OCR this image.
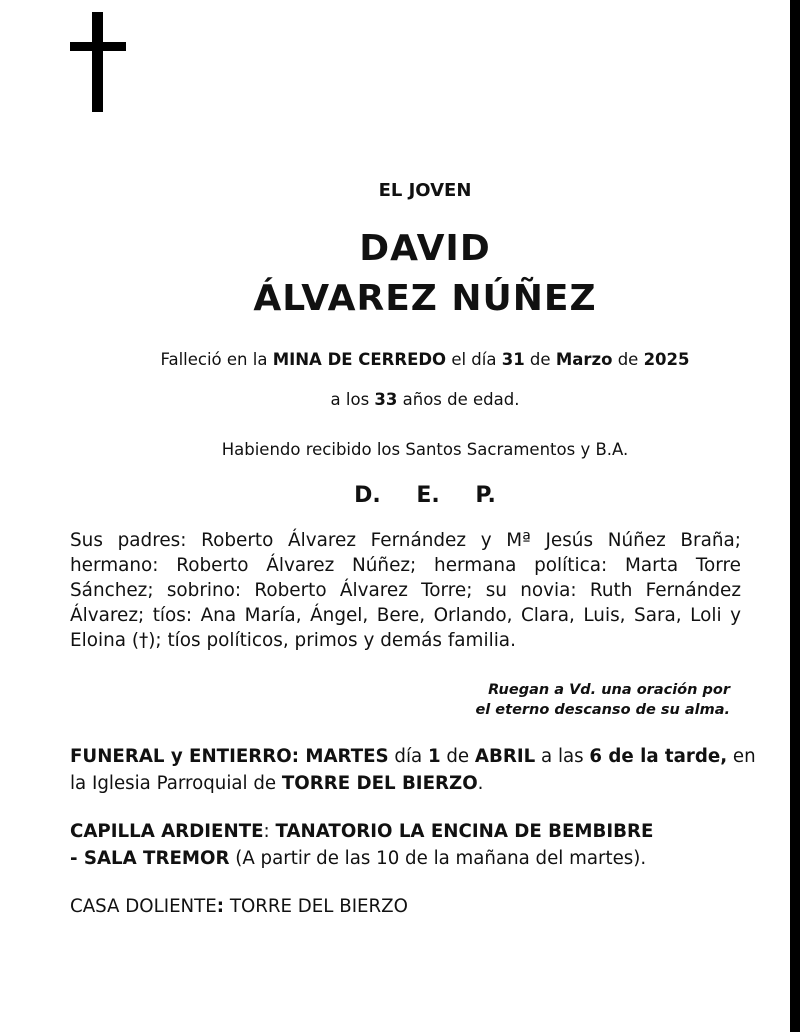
EL JOVEN
DAVID
ÁLVAREZ NÚÑEZ
Falleció en la MINA DE CERREDO el día 31 de Marzo de 2025
a los 33 años de edad.
Habiendo recibido los Santos Sacramentos y B.A.
D. E. P.
Sus padres: Roberto Álvarez Fernández y Mª Jesús Núñez Braña; hermano: Roberto Álvarez Núñez; hermana política: Marta Torre Sánchez; sobrino: Roberto Álvarez Torre; su novia: Ruth Fernández Álvarez; tíos: Ana María, Ángel, Bere, Orlando, Clara, Luis, Sara, Loli y Eloina (†); tíos políticos, primos y demás familia.
Ruegan a Vd. una oración por
el eterno descanso de su alma.
FUNERAL y ENTIERRO: MARTES día 1 de ABRIL a las 6 de la tarde, en la Iglesia Parroquial de TORRE DEL BIERZO.
CAPILLA ARDIENTE: TANATORIO LA ENCINA DE BEMBIBRE
- SALA TREMOR (A partir de las 10 de la mañana del martes).
CASA DOLIENTE: TORRE DEL BIERZO
